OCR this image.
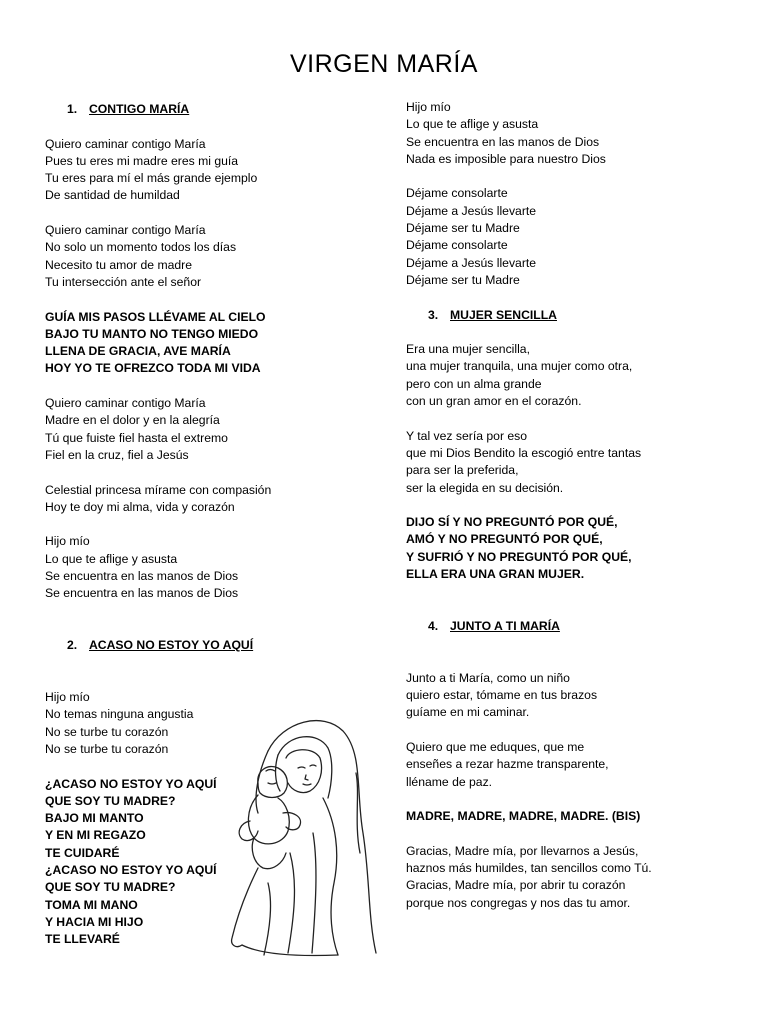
VIRGEN MARÍA
1. CONTIGO MARÍA
Quiero caminar contigo María
Pues tu eres mi madre eres mi guía
Tu eres para mí el más grande ejemplo
De santidad de humildad
Quiero caminar contigo María
No solo un momento todos los días
Necesito tu amor de madre
Tu intersección ante el señor
GUÍA MIS PASOS LLÉVAME AL CIELO
BAJO TU MANTO NO TENGO MIEDO
LLENA DE GRACIA, AVE MARÍA
HOY YO TE OFREZCO TODA MI VIDA
Quiero caminar contigo María
Madre en el dolor y en la alegría
Tú que fuiste fiel hasta el extremo
Fiel en la cruz, fiel a Jesús
Celestial princesa mírame con compasión
Hoy te doy mi alma, vida y corazón
Hijo mío
Lo que te aflige y asusta
Se encuentra en las manos de Dios
Se encuentra en las manos de Dios
2. ACASO NO ESTOY YO AQUÍ
Hijo mío
No temas ninguna angustia
No se turbe tu corazón
No se turbe tu corazón
¿ACASO NO ESTOY YO AQUÍ
QUE SOY TU MADRE?
BAJO MI MANTO
Y EN MI REGAZO
TE CUIDARÉ
¿ACASO NO ESTOY YO AQUÍ
QUE SOY TU MADRE?
TOMA MI MANO
Y HACIA MI HIJO
TE LLEVARÉ
Hijo mío
Lo que te aflige y asusta
Se encuentra en las manos de Dios
Nada es imposible para nuestro Dios
Déjame consolarte
Déjame a Jesús llevarte
Déjame ser tu Madre
Déjame consolarte
Déjame a Jesús llevarte
Déjame ser tu Madre
3. MUJER SENCILLA
Era una mujer sencilla,
una mujer tranquila, una mujer como otra,
pero con un alma grande
con un gran amor en el corazón.
Y tal vez sería por eso
que mi Dios Bendito la escogió entre tantas
para ser la preferida,
ser la elegida en su decisión.
DIJO SÍ Y NO PREGUNTÓ POR QUÉ,
AMÓ Y NO PREGUNTÓ POR QUÉ,
Y SUFRIÓ Y NO PREGUNTÓ POR QUÉ,
ELLA ERA UNA GRAN MUJER.
4. JUNTO A TI MARÍA
Junto a ti María, como un niño
quiero estar, tómame en tus brazos
guíame en mi caminar.
Quiero que me eduques, que me
enseñes a rezar hazme transparente,
lléname de paz.
MADRE, MADRE, MADRE, MADRE. (BIS)
Gracias, Madre mía, por llevarnos a Jesús,
haznos más humildes, tan sencillos como Tú.
Gracias, Madre mía, por abrir tu corazón
porque nos congregas y nos das tu amor.
